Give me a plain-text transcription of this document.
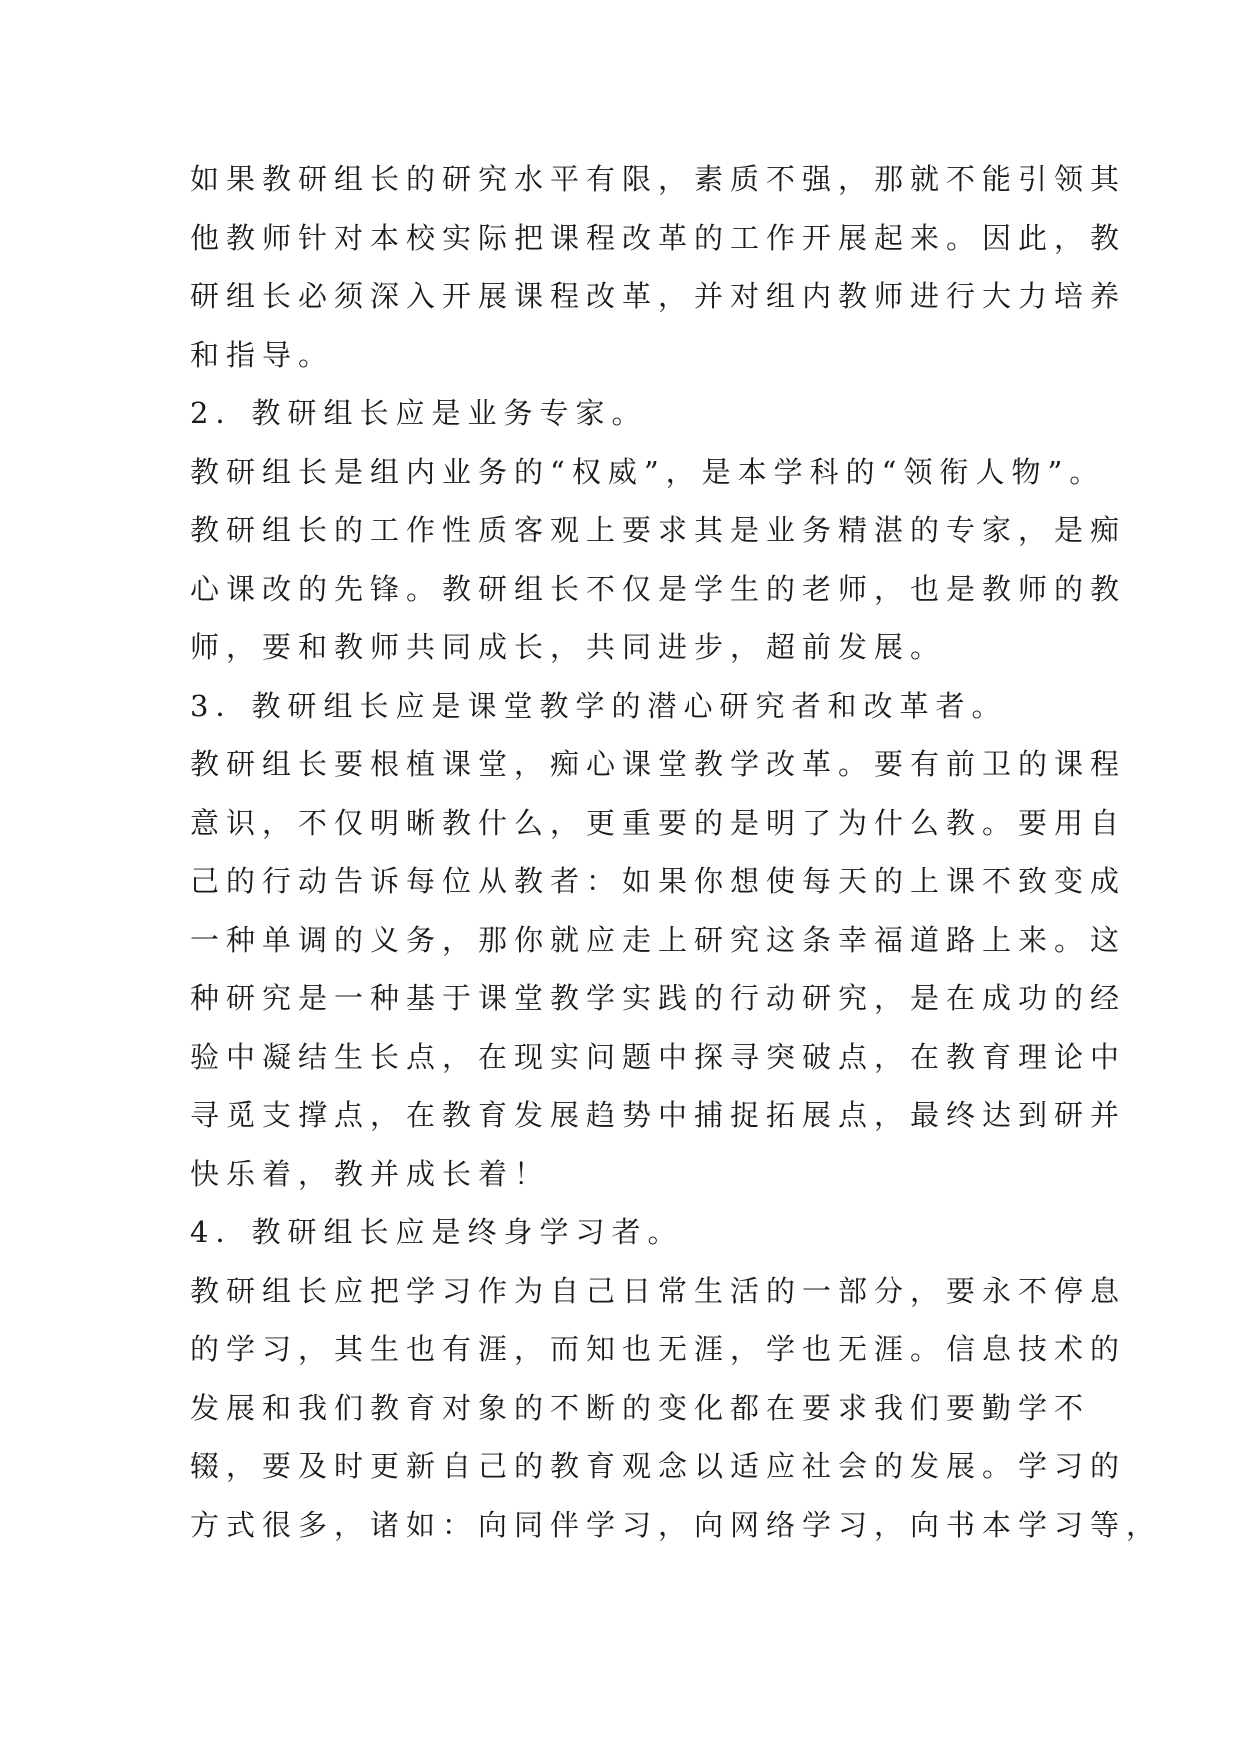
如果教研组长的研究水平有限，素质不强，那就不能引领其
他教师针对本校实际把课程改革的工作开展起来。因此，教
研组长必须深入开展课程改革，并对组内教师进行大力培养
和指导。
2．教研组长应是业务专家。
教研组长是组内业务的“权威”，是本学科的“领衔人物”。
教研组长的工作性质客观上要求其是业务精湛的专家，是痴
心课改的先锋。教研组长不仅是学生的老师，也是教师的教
师，要和教师共同成长，共同进步，超前发展。
3．教研组长应是课堂教学的潜心研究者和改革者。
教研组长要根植课堂，痴心课堂教学改革。要有前卫的课程
意识，不仅明晰教什么，更重要的是明了为什么教。要用自
己的行动告诉每位从教者：如果你想使每天的上课不致变成
一种单调的义务，那你就应走上研究这条幸福道路上来。这
种研究是一种基于课堂教学实践的行动研究，是在成功的经
验中凝结生长点，在现实问题中探寻突破点，在教育理论中
寻觅支撑点，在教育发展趋势中捕捉拓展点，最终达到研并
快乐着，教并成长着！
4．教研组长应是终身学习者。
教研组长应把学习作为自己日常生活的一部分，要永不停息
的学习，其生也有涯，而知也无涯，学也无涯。信息技术的
发展和我们教育对象的不断的变化都在要求我们要勤学不
辍，要及时更新自己的教育观念以适应社会的发展。学习的
方式很多，诸如：向同伴学习，向网络学习，向书本学习等，
